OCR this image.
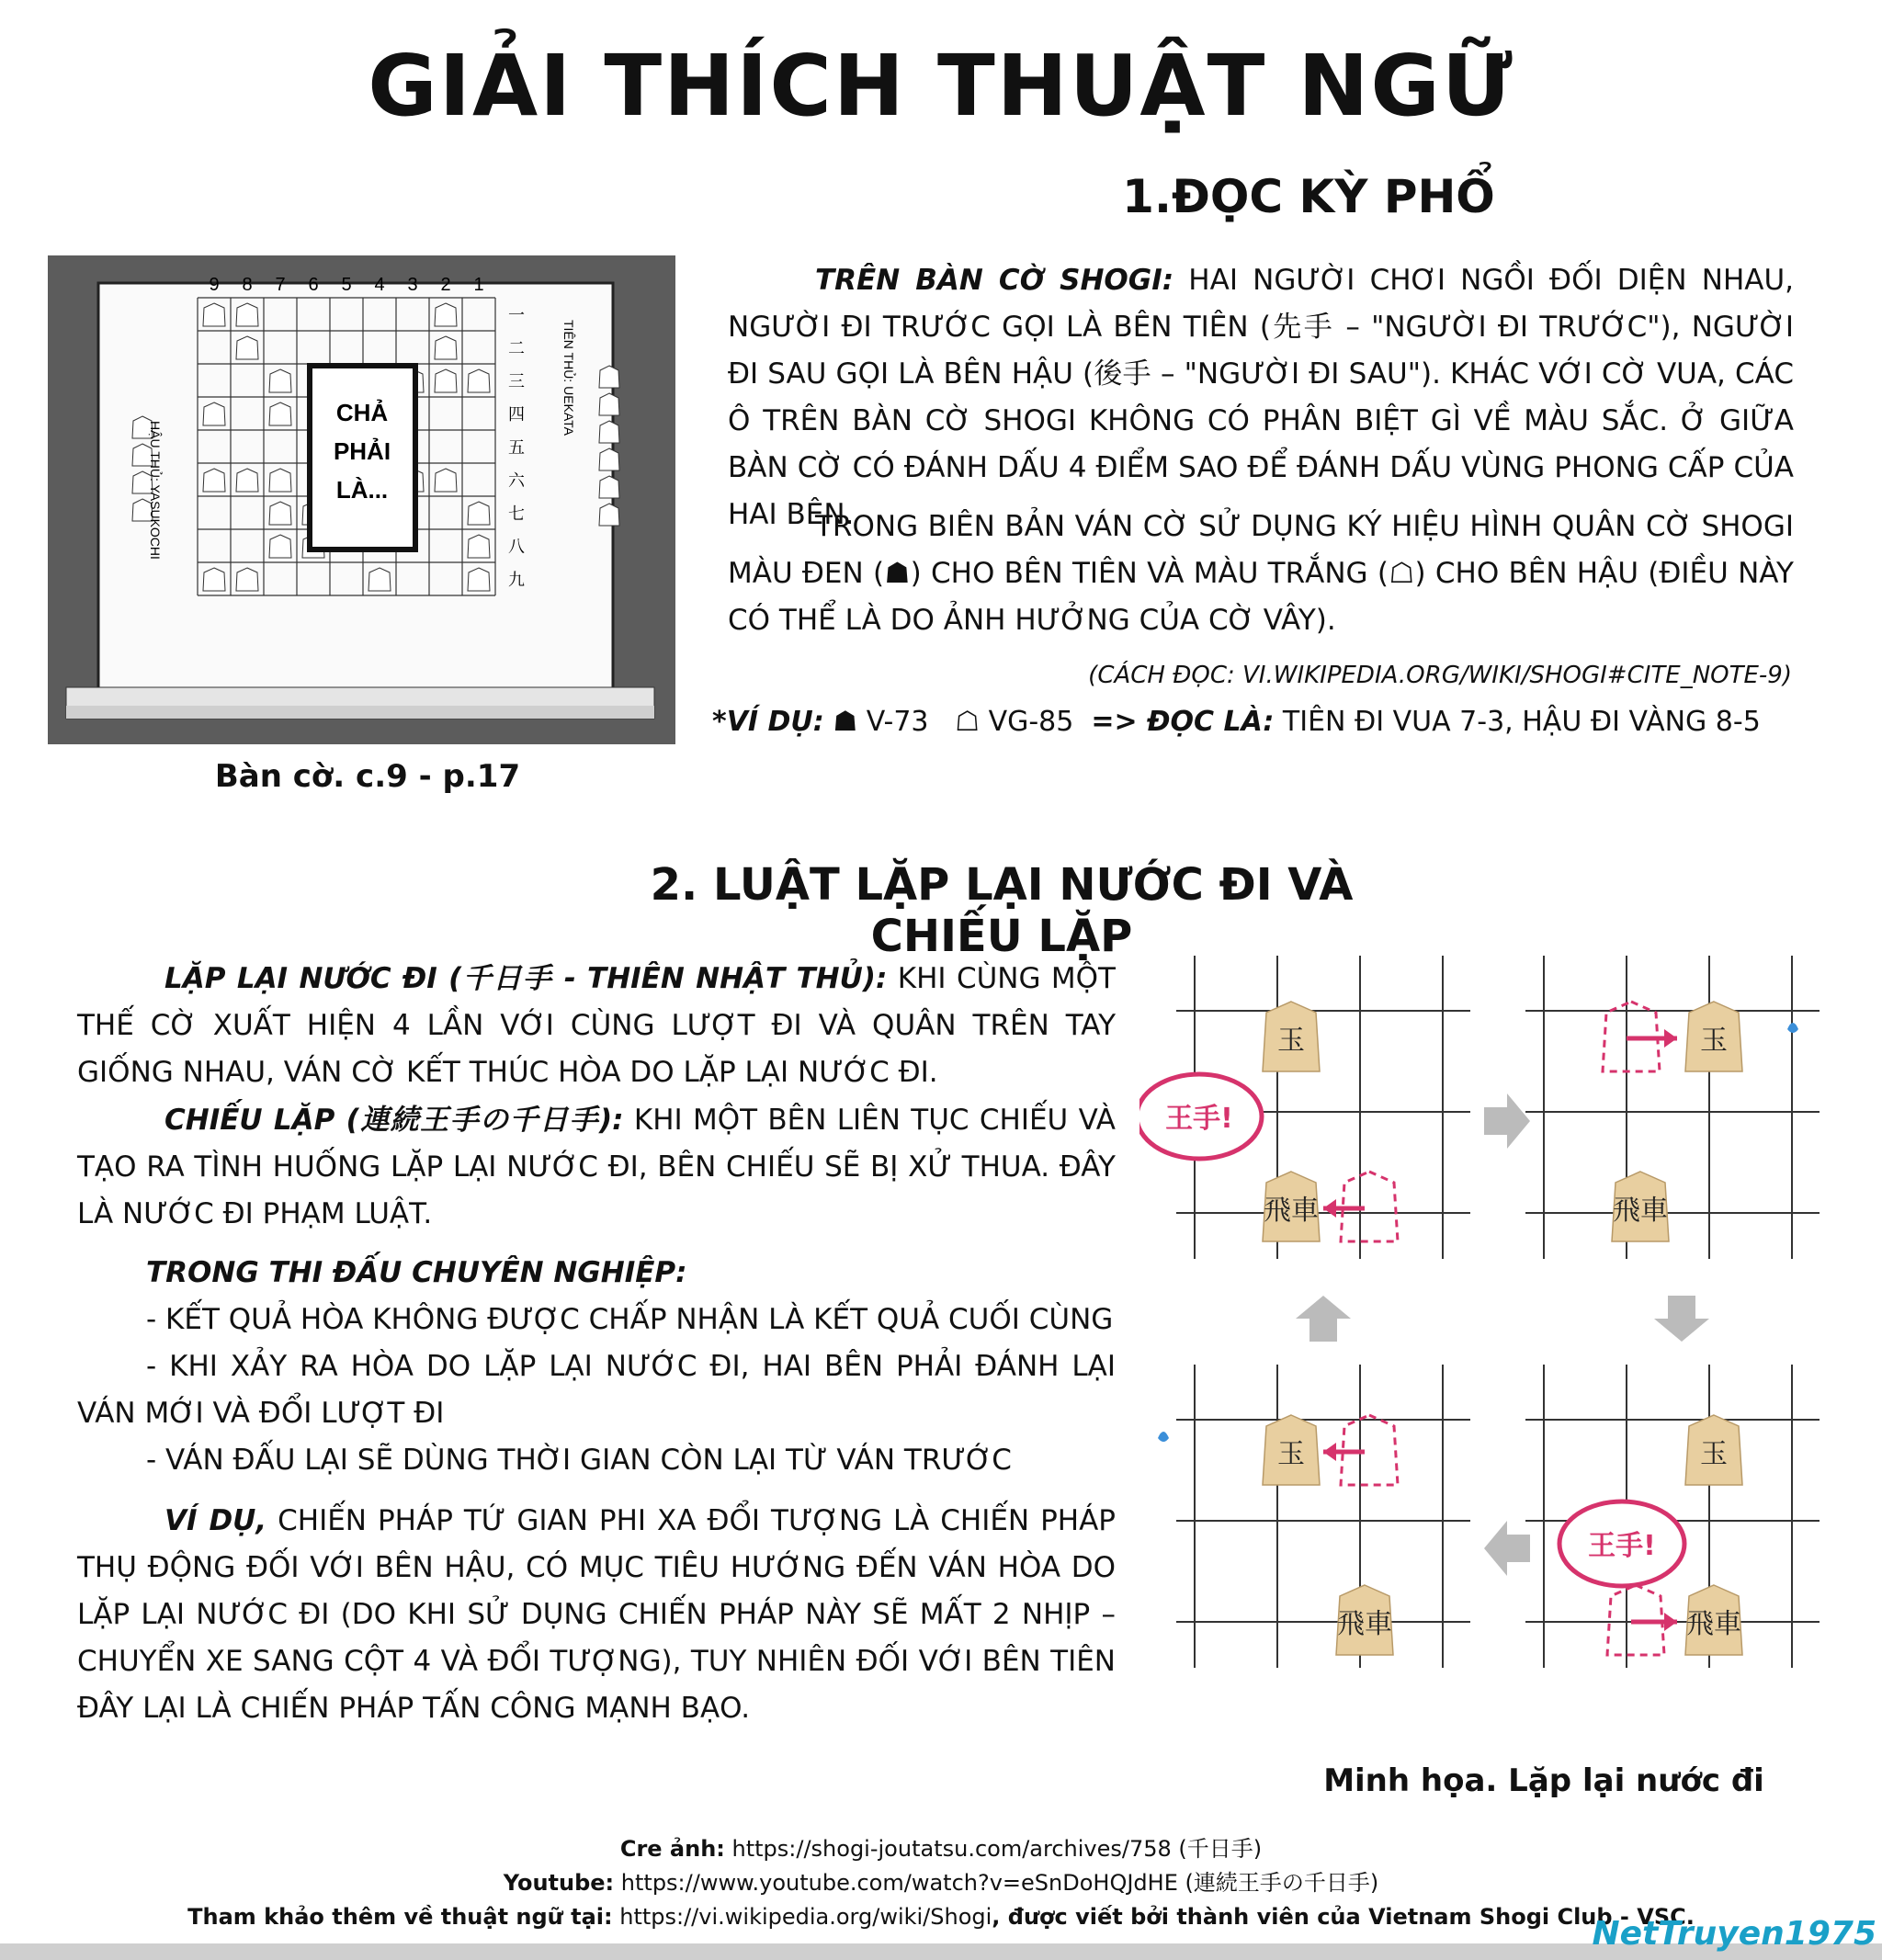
GIẢI THÍCH THUẬT NGỮ
1.ĐỌC KỲ PHỔ
9 8 7 6 5 4 3 2 1
一
二
三
四
五
六
七
八
九
HẬU THỦ: YASUKOCHI
TIÊN THỦ: UEKATA
CHẢ
PHẢI
LÀ...
Bàn cờ. c.9 - p.17
TRÊN BÀN CỜ SHOGI: HAI NGƯỜI CHƠI NGỒI ĐỐI DIỆN NHAU, NGƯỜI ĐI TRƯỚC GỌI LÀ BÊN TIÊN (先手 – "NGƯỜI ĐI TRƯỚC"), NGƯỜI ĐI SAU GỌI LÀ BÊN HẬU (後手 – "NGƯỜI ĐI SAU"). KHÁC VỚI CỜ VUA, CÁC Ô TRÊN BÀN CỜ SHOGI KHÔNG CÓ PHÂN BIỆT GÌ VỀ MÀU SẮC. Ở GIỮA BÀN CỜ CÓ ĐÁNH DẤU 4 ĐIỂM SAO ĐỂ ĐÁNH DẤU VÙNG PHONG CẤP CỦA HAI BÊN.
TRONG BIÊN BẢN VÁN CỜ SỬ DỤNG KÝ HIỆU HÌNH QUÂN CỜ SHOGI MÀU ĐEN (☗) CHO BÊN TIÊN VÀ MÀU TRẮNG (☖) CHO BÊN HẬU (ĐIỀU NÀY CÓ THỂ LÀ DO ẢNH HƯỞNG CỦA CỜ VÂY).
(CÁCH ĐỌC: VI.WIKIPEDIA.ORG/WIKI/SHOGI#CITE_NOTE-9)
*VÍ DỤ: ☗ V-73 ☖ VG-85 => ĐỌC LÀ: TIÊN ĐI VUA 7-3, HẬU ĐI VÀNG 8-5
2. LUẬT LẶP LẠI NƯỚC ĐI VÀ CHIẾU LẶP
LẶP LẠI NƯỚC ĐI (千日手 - THIÊN NHẬT THỦ): KHI CÙNG MỘT THẾ CỜ XUẤT HIỆN 4 LẦN VỚI CÙNG LƯỢT ĐI VÀ QUÂN TRÊN TAY GIỐNG NHAU, VÁN CỜ KẾT THÚC HÒA DO LẶP LẠI NƯỚC ĐI.
CHIẾU LẶP (連続王手の千日手): KHI MỘT BÊN LIÊN TỤC CHIẾU VÀ TẠO RA TÌNH HUỐNG LẶP LẠI NƯỚC ĐI, BÊN CHIẾU SẼ BỊ XỬ THUA. ĐÂY LÀ NƯỚC ĐI PHẠM LUẬT.
TRONG THI ĐẤU CHUYÊN NGHIỆP:
- KẾT QUẢ HÒA KHÔNG ĐƯỢC CHẤP NHẬN LÀ KẾT QUẢ CUỐI CÙNG
- KHI XẢY RA HÒA DO LẶP LẠI NƯỚC ĐI, HAI BÊN PHẢI ĐÁNH LẠI VÁN MỚI VÀ ĐỔI LƯỢT ĐI
- VÁN ĐẤU LẠI SẼ DÙNG THỜI GIAN CÒN LẠI TỪ VÁN TRƯỚC
VÍ DỤ, CHIẾN PHÁP TỨ GIAN PHI XA ĐỔI TƯỢNG LÀ CHIẾN PHÁP THỤ ĐỘNG ĐỐI VỚI BÊN HẬU, CÓ MỤC TIÊU HƯỚNG ĐẾN VÁN HÒA DO LẶP LẠI NƯỚC ĐI (DO KHI SỬ DỤNG CHIẾN PHÁP NÀY SẼ MẤT 2 NHỊP – CHUYỂN XE SANG CỘT 4 VÀ ĐỔI TƯỢNG), TUY NHIÊN ĐỐI VỚI BÊN TIÊN ĐÂY LẠI LÀ CHIẾN PHÁP TẤN CÔNG MẠNH BẠO.
玉
飛車
王手!
玉
飛車
玉
飛車
玉
飛車
王手!
Minh họa. Lặp lại nước đi
Cre ảnh: https://shogi-joutatsu.com/archives/758 (千日手)
Youtube: https://www.youtube.com/watch?v=eSnDoHQJdHE (連続王手の千日手)
Tham khảo thêm về thuật ngữ tại: https://vi.wikipedia.org/wiki/Shogi, được viết bởi thành viên của Vietnam Shogi Club - VSC.
NetTruyen1975
